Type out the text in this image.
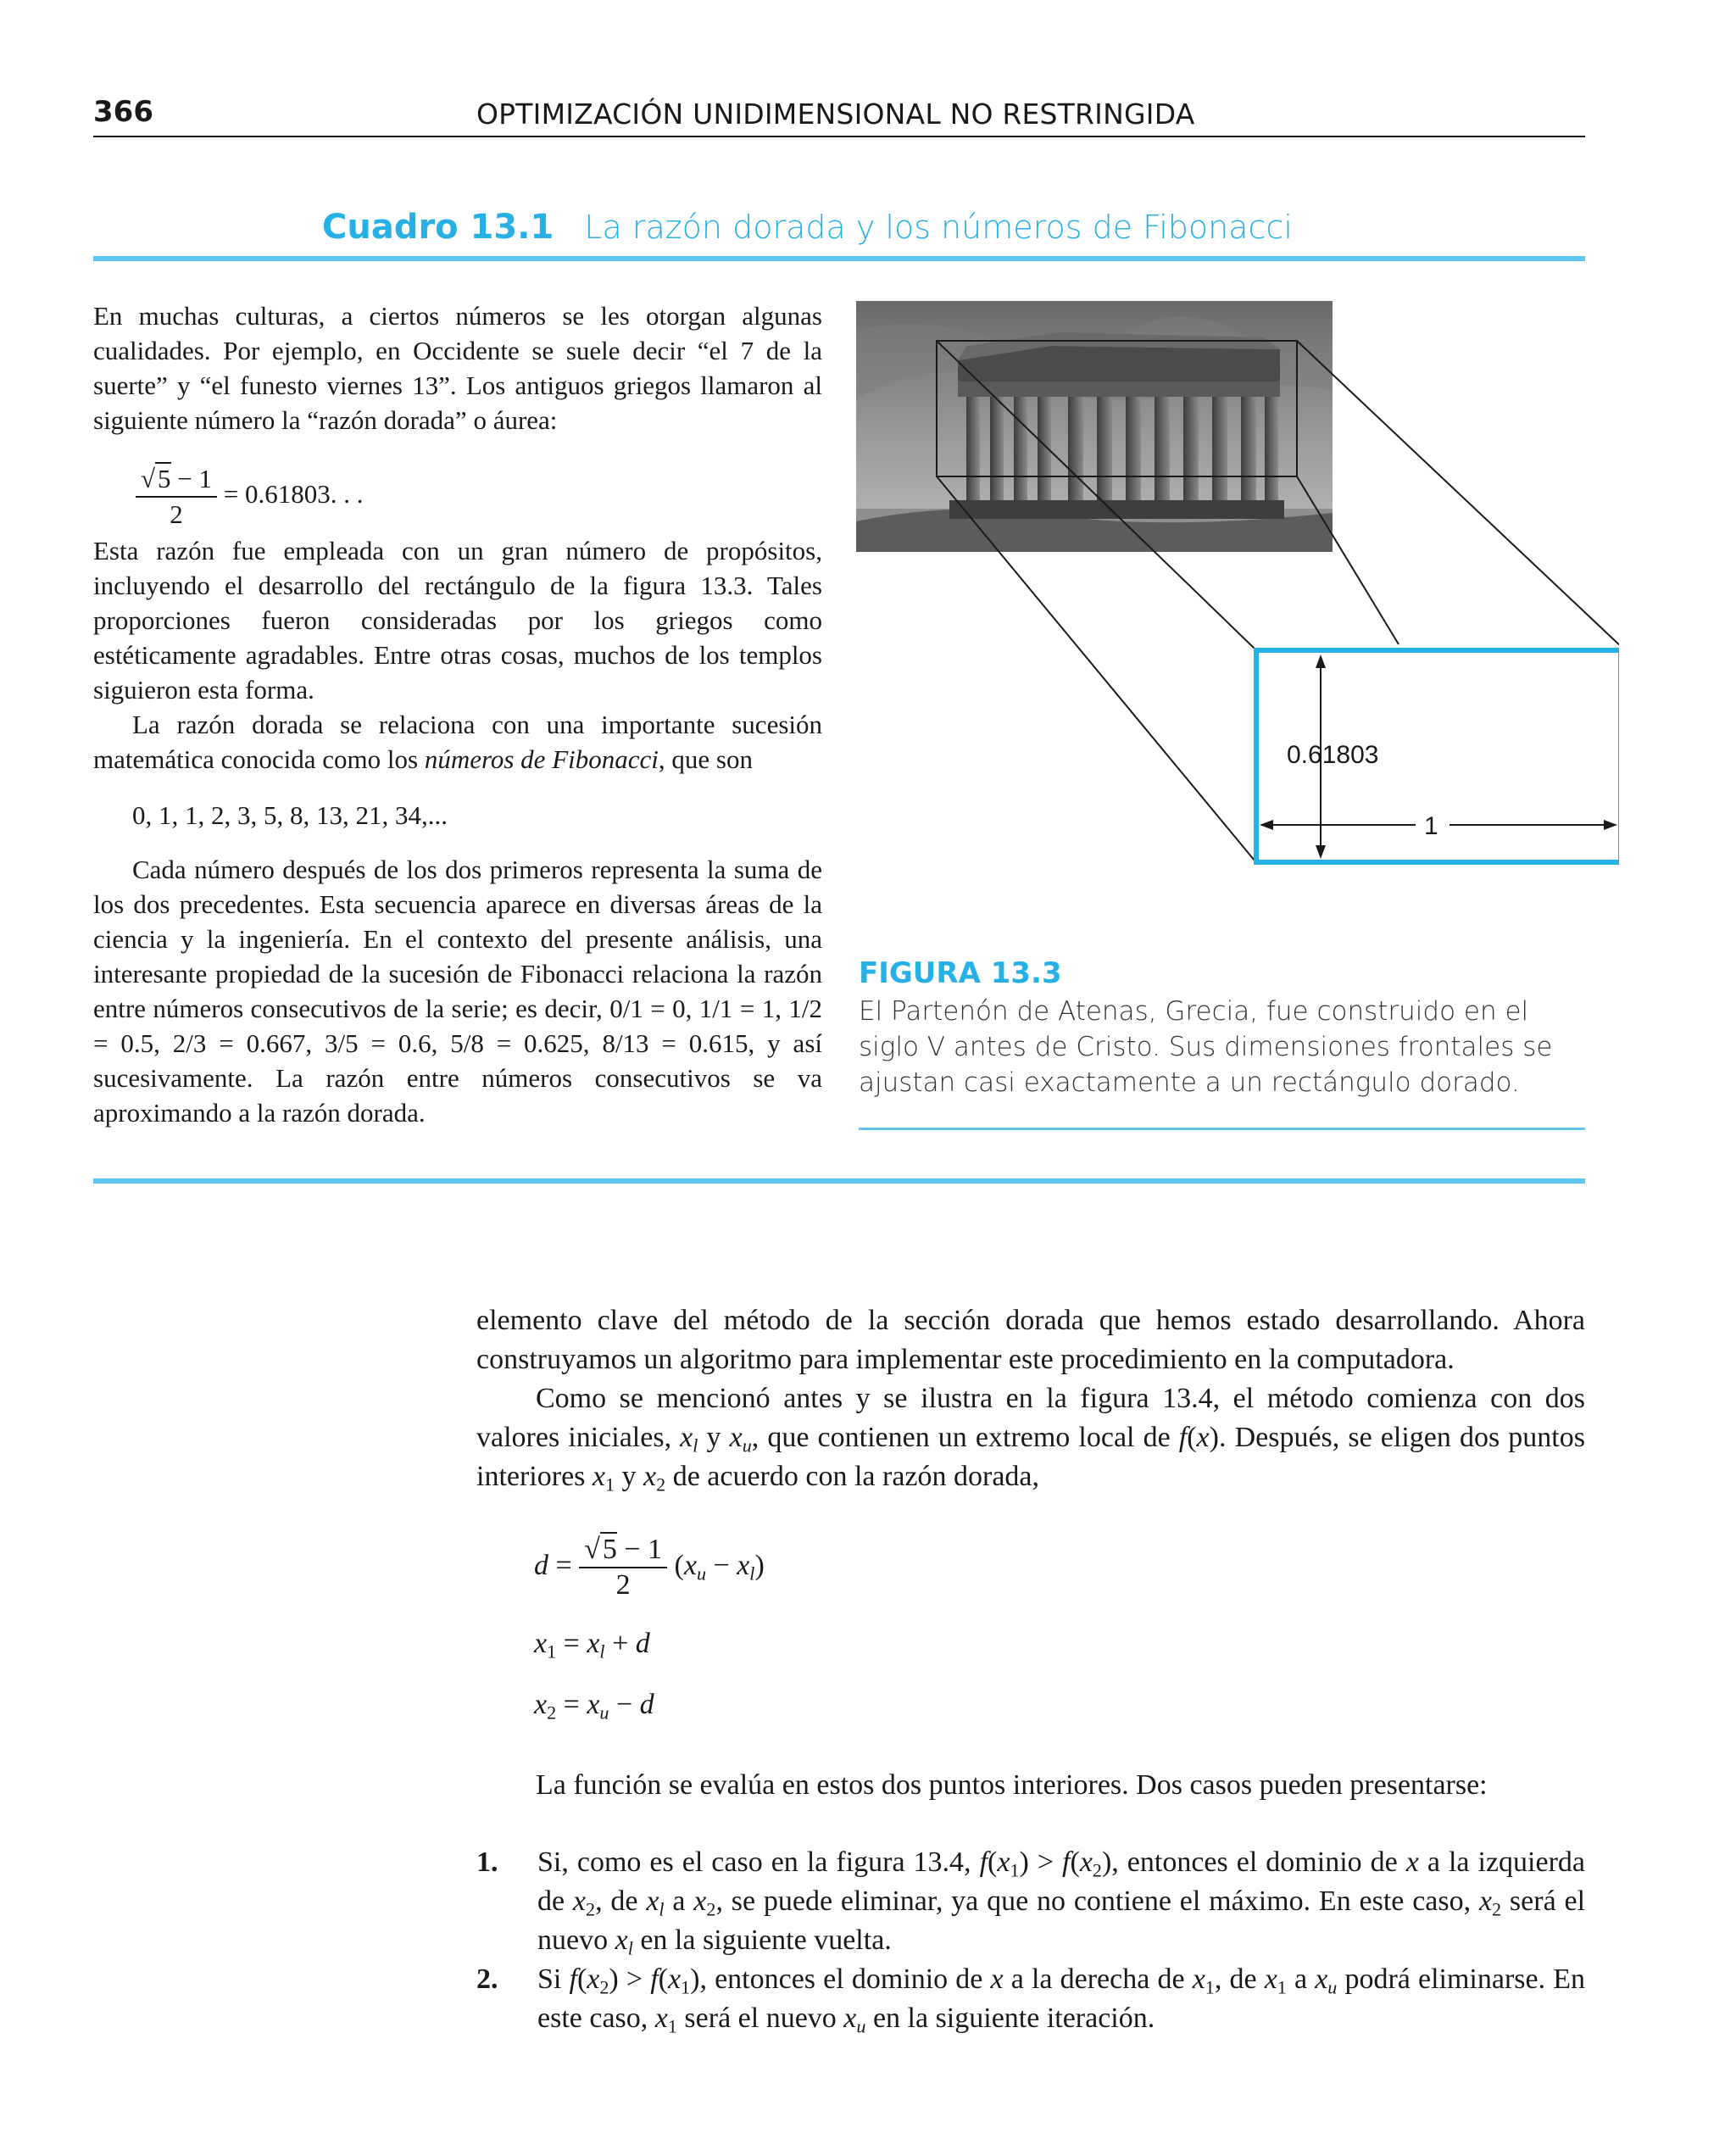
366	OPTIMIZACIÓN UNIDIMENSIONAL NO RESTRINGIDA
Cuadro 13.1 La razón dorada y los números de Fibonacci

En muchas culturas, a ciertos números se les otorgan algunas cualidades. Por ejemplo, en Occidente se suele decir “el 7 de la suerte” y “el funesto viernes 13”. Los antiguos griegos llamaron al siguiente número la “razón dorada” o áurea:

$\frac{√5 - 1}{2} = 0.61803$. . .

Esta razón fue empleada con un gran número de propósitos, incluyendo el desarrollo del rectángulo de la figura 13.3. Tales proporciones fueron consideradas por los griegos como estéticamente agradables. Entre otras cosas, muchos de los templos siguieron esta forma.

La razón dorada se relaciona con una importante sucesión matemática conocida como los números de Fibonacci, que son

0, 1, 1, 2, 3, 5, 8, 13, 21, 34,...

Cada número después de los dos primeros representa la suma de los dos precedentes. Esta secuencia aparece en diversas áreas de la ciencia y la ingeniería. En el contexto del presente análisis, una interesante propiedad de la sucesión de Fibonacci relaciona la razón entre números consecutivos de la serie; es decir, 0/1 = 0, 1/1 = 1, 1/2 = 0.5, 2/3 = 0.667, 3/5 = 0.6, 5/8 = 0.625, 8/13 = 0.615, y así sucesivamente. La razón entre números consecutivos se va aproximando a la razón dorada.

0.61803
1
FIGURA 13.3
El Partenón de Atenas, Grecia, fue construido en el siglo V antes de Cristo. Sus dimensiones frontales se ajustan casi exactamente a un rectángulo dorado.

elemento clave del método de la sección dorada que hemos estado desarrollando. Ahora construyamos un algoritmo para implementar este procedimiento en la computadora.

Como se mencionó antes y se ilustra en la figura 13.4, el método comienza con dos valores iniciales, $x_l$ y $x_u$, que contienen un extremo local de f(x). Después, se eligen dos puntos interiores $x_1$ y $x_2$ de acuerdo con la razón dorada,

$d = \frac{√5 - 1}{2} (x_u - x_l)$
$x_1 = x_l + d$
$x_2 = x_u - d$

La función se evalúa en estos dos puntos interiores. Dos casos pueden presentarse:

1. Si, como es el caso en la figura 13.4, $f(x_1) > f(x_2)$, entonces el dominio de x a la izquierda de $x_2$, de $x_l$ a $x_2$, se puede eliminar, ya que no contiene el máximo. En este caso, $x_2$ será el nuevo $x_l$ en la siguiente vuelta.
2. Si $f(x_2) > f(x_1)$, entonces el dominio de x a la derecha de $x_1$, de $x_1$ a $x_u$ podrá eliminarse. En este caso, $x_1$ será el nuevo $x_u$ en la siguiente iteración.
